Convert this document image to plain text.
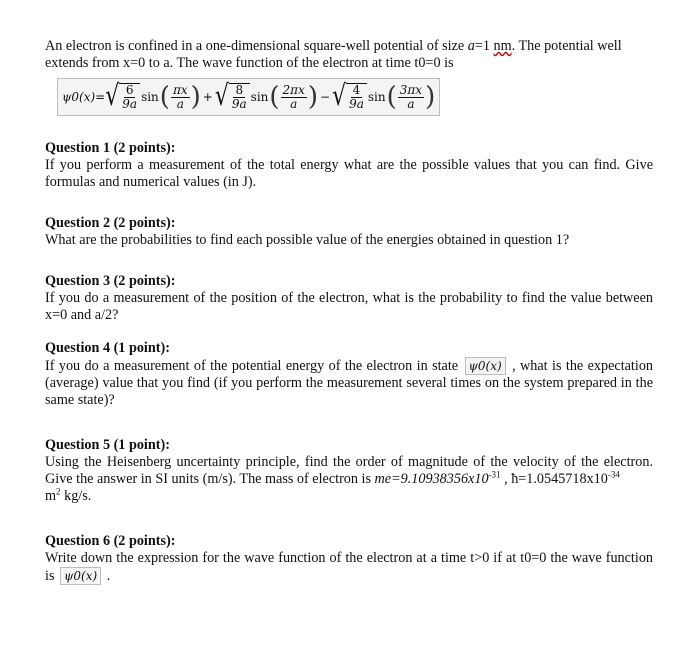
An electron is confined in a one-dimensional square-well potential of size a=1 nm. The potential well

extends from x=0 to a. The wave function of the electron at time t0=0 is

ψ0(x)= √ $\frac{6}{9a}$ sin ( $\frac{\pi x}{a}$ ) + √ $\frac{8}{9a}$ sin ( $\frac{2\pi x}{a}$ ) − √ $\frac{4}{9a}$ sin ( $\frac{3\pi x}{a}$ )

Question 1 (2 points):

If you perform a measurement of the total energy what are the possible values that you can find. Give formulas and numerical values (in J).

Question 2 (2 points):

What are the probabilities to find each possible value of the energies obtained in question 1?

Question 3 (2 points):

If you do a measurement of the position of the electron, what is the probability to find the value between x=0 and a/2?

Question 4 (1 point):

If you do a measurement of the potential energy of the electron in state ψ0(x) , what is the expectation (average) value that you find (if you perform the measurement several times on the system prepared in the same state)?

Question 5 (1 point):

Using the Heisenberg uncertainty principle, find the order of magnitude of the velocity of the electron. Give the answer in SI units (m/s). The mass of electron is $me=9.10938356x10^{-31}$ , $ħ=1.0545718x10^{-34}$
$m^2$ kg/s.

Question 6 (2 points):

Write down the expression for the wave function of the electron at a time t>0 if at t0=0 the wave function is ψ0(x) .
